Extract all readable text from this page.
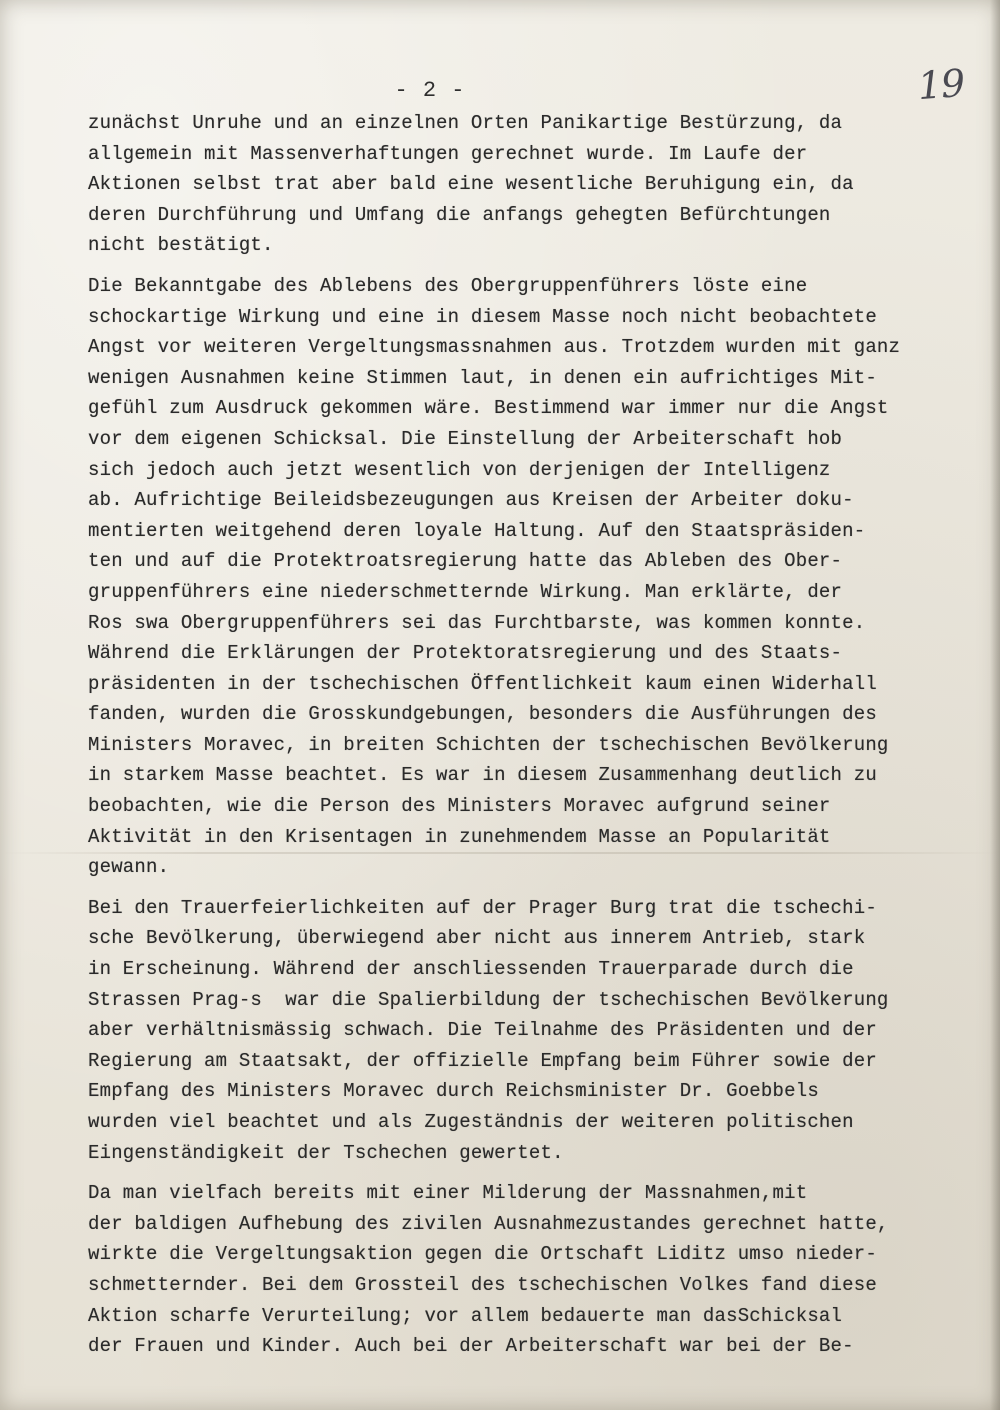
19
- 2 -
zunächst Unruhe und an einzelnen Orten Panikartige Bestürzung, da
allgemein mit Massenverhaftungen gerechnet wurde. Im Laufe der
Aktionen selbst trat aber bald eine wesentliche Beruhigung ein, da
deren Durchführung und Umfang die anfangs gehegten Befürchtungen
nicht bestätigt.
Die Bekanntgabe des Ablebens des Obergruppenführers löste eine
schockartige Wirkung und eine in diesem Masse noch nicht beobachtete
Angst vor weiteren Vergeltungsmassnahmen aus. Trotzdem wurden mit ganz
wenigen Ausnahmen keine Stimmen laut, in denen ein aufrichtiges Mit-
gefühl zum Ausdruck gekommen wäre. Bestimmend war immer nur die Angst
vor dem eigenen Schicksal. Die Einstellung der Arbeiterschaft hob
sich jedoch auch jetzt wesentlich von derjenigen der Intelligenz
ab. Aufrichtige Beileidsbezeugungen aus Kreisen der Arbeiter doku-
mentierten weitgehend deren loyale Haltung. Auf den Staatspräsiden-
ten und auf die Protektroatsregierung hatte das Ableben des Ober-
gruppenführers eine niederschmetternde Wirkung. Man erklärte, der
Ros swa Obergruppenführers sei das Furchtbarste, was kommen konnte.
Während die Erklärungen der Protektoratsregierung und des Staats-
präsidenten in der tschechischen Öffentlichkeit kaum einen Widerhall
fanden, wurden die Grosskundgebungen, besonders die Ausführungen des
Ministers Moravec, in breiten Schichten der tschechischen Bevölkerung
in starkem Masse beachtet. Es war in diesem Zusammenhang deutlich zu
beobachten, wie die Person des Ministers Moravec aufgrund seiner
Aktivität in den Krisentagen in zunehmendem Masse an Popularität
gewann.
Bei den Trauerfeierlichkeiten auf der Prager Burg trat die tschechi-
sche Bevölkerung, überwiegend aber nicht aus innerem Antrieb, stark
in Erscheinung. Während der anschliessenden Trauerparade durch die
Strassen Prag-s  war die Spalierbildung der tschechischen Bevölkerung
aber verhältnismässig schwach. Die Teilnahme des Präsidenten und der
Regierung am Staatsakt, der offizielle Empfang beim Führer sowie der
Empfang des Ministers Moravec durch Reichsminister Dr. Goebbels
wurden viel beachtet und als Zugeständnis der weiteren politischen
Eingenständigkeit der Tschechen gewertet.
Da man vielfach bereits mit einer Milderung der Massnahmen,mit
der baldigen Aufhebung des zivilen Ausnahmezustandes gerechnet hatte,
wirkte die Vergeltungsaktion gegen die Ortschaft Liditz umso nieder-
schmetternder. Bei dem Grossteil des tschechischen Volkes fand diese
Aktion scharfe Verurteilung; vor allem bedauerte man dasSchicksal
der Frauen und Kinder. Auch bei der Arbeiterschaft war bei der Be-
